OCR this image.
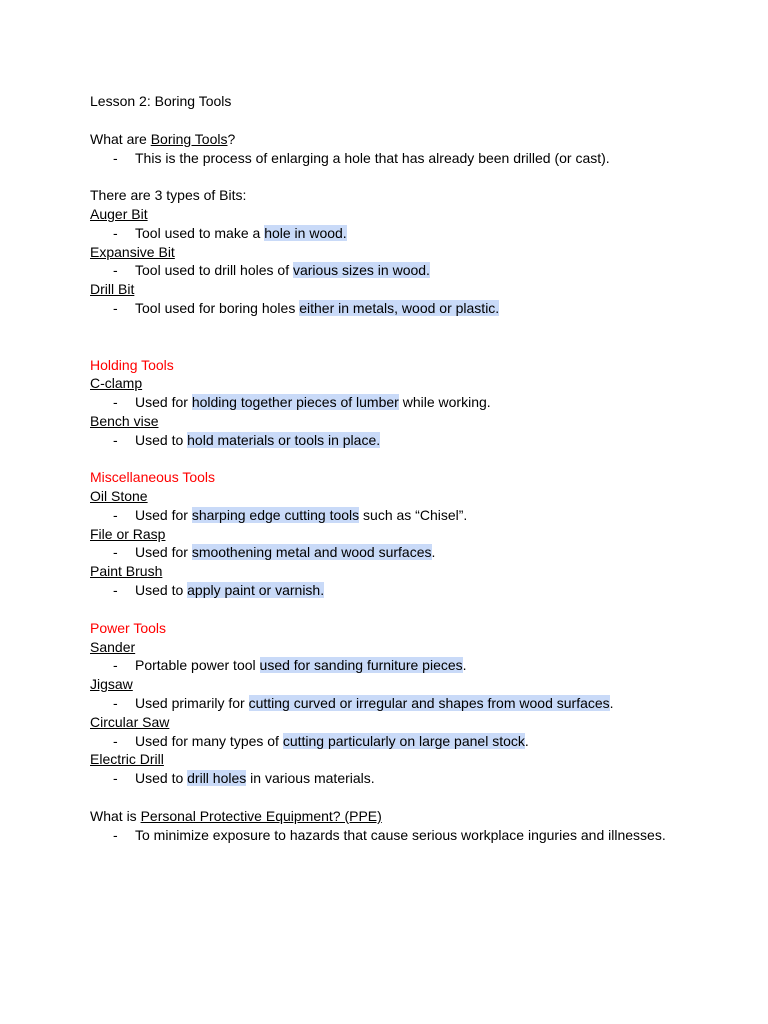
Lesson 2: Boring Tools
What are Boring Tools?
- This is the process of enlarging a hole that has already been drilled (or cast).
There are 3 types of Bits:
Auger Bit
- Tool used to make a hole in wood.
Expansive Bit
- Tool used to drill holes of various sizes in wood.
Drill Bit
- Tool used for boring holes either in metals, wood or plastic.
Holding Tools
C-clamp
- Used for holding together pieces of lumber while working.
Bench vise
- Used to hold materials or tools in place.
Miscellaneous Tools
Oil Stone
- Used for sharping edge cutting tools such as “Chisel”.
File or Rasp
- Used for smoothening metal and wood surfaces.
Paint Brush
- Used to apply paint or varnish.
Power Tools
Sander
- Portable power tool used for sanding furniture pieces.
Jigsaw
- Used primarily for cutting curved or irregular and shapes from wood surfaces.
Circular Saw
- Used for many types of cutting particularly on large panel stock.
Electric Drill
- Used to drill holes in various materials.
What is Personal Protective Equipment? (PPE)
- To minimize exposure to hazards that cause serious workplace inguries and illnesses.
